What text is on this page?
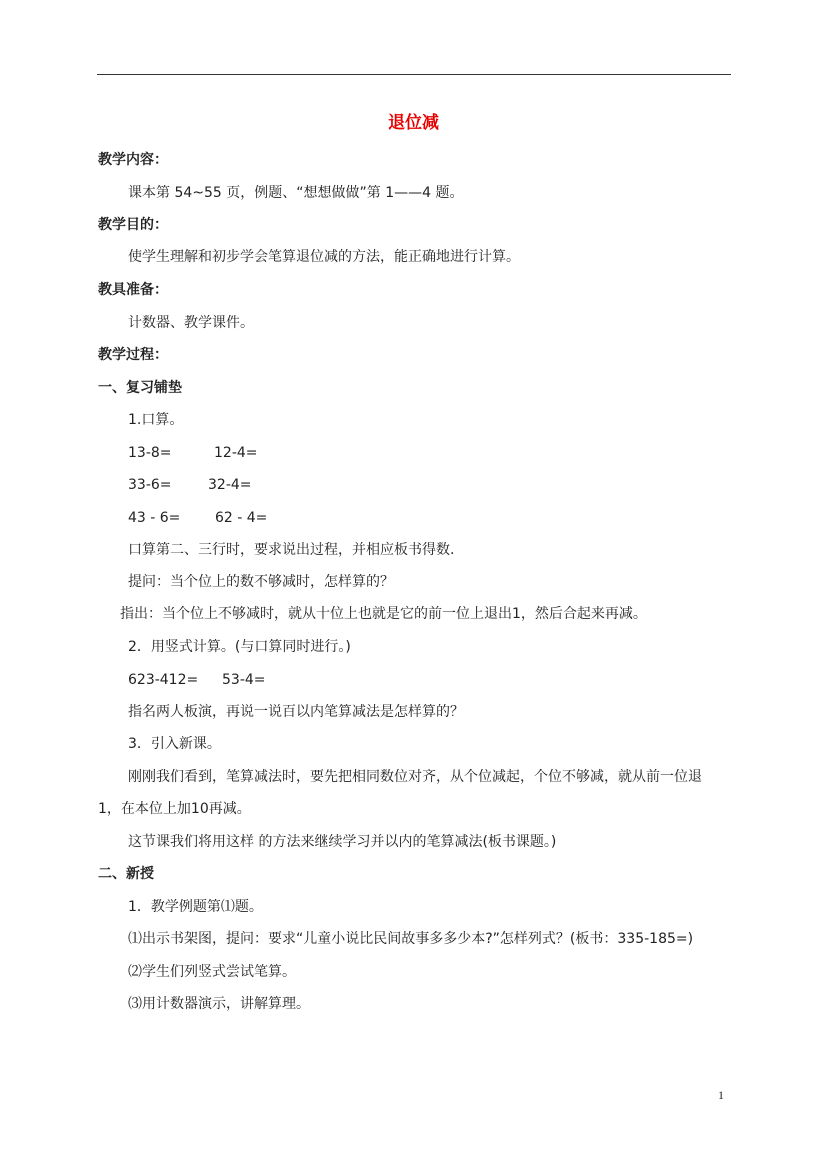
退位减
教学内容：
课本第 54~55 页，例题、“想想做做”第 1——4 题。
教学目的：
使学生理解和初步学会笔算退位减的方法，能正确地进行计算。
教具准备：
计数器、教学课件。
教学过程：
一、复习铺垫
1.口算。
13-8=	12-4=
33-6=	32-4=
43 - 6= 62 - 4=
口算第二、三行时，要求说出过程，并相应板书得数.
提问：当个位上的数不够减时，怎样算的？
指出：当个位上不够减时，就从十位上也就是它的前一位上退出1，然后合起来再减。
2．用竖式计算。(与口算同时进行。)
623-412= 53-4=
指名两人板演，再说一说百以内笔算减法是怎样算的？
3．引入新课。
刚刚我们看到，笔算减法时，要先把相同数位对齐，从个位减起，个位不够减，就从前一位退
1，在本位上加10再减。
这节课我们将用这样 的方法来继续学习并以内的笔算减法(板书课题。)
二、新授
1．教学例题第⑴题。
⑴出示书架图，提问：要求“儿童小说比民间故事多多少本?”怎样列式？(板书：335-185=)
⑵学生们列竖式尝试笔算。
⑶用计数器演示，讲解算理。
1
